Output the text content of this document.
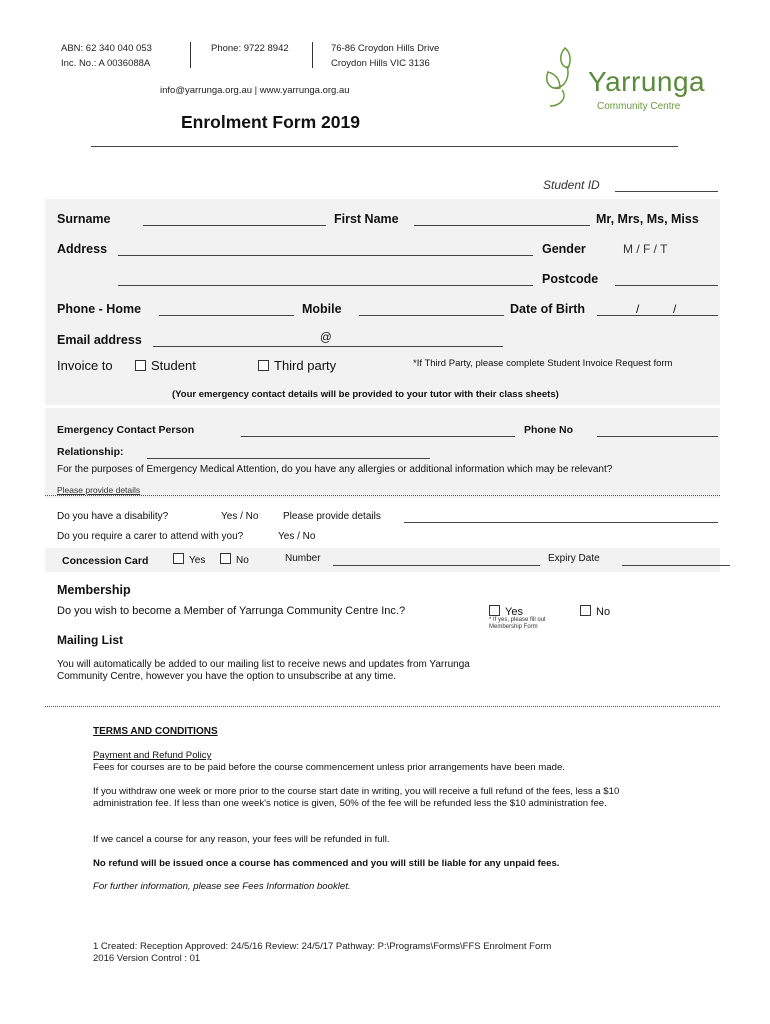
ABN: 62 340 040 053
Inc. No.: A 0036088A
Phone: 9722 8942	76-86 Croydon Hills Drive
Croydon Hills VIC 3136
info@yarrunga.org.au | www.yarrunga.org.au	Yarrunga
Community Centre
Enrolment Form 2019
Student ID
Surname	First Name	Mr, Mrs, Ms, Miss
Address	Gender	M / F / T
Postcode
Phone - Home	Mobile	Date of Birth	/	/
Email address	@
Invoice to	Student	Third party	*If Third Party, please complete Student Invoice Request form
(Your emergency contact details will be provided to your tutor with their class sheets)
Emergency Contact Person	Phone No
Relationship:
For the purposes of Emergency Medical Attention, do you have any allergies or additional information which may be relevant?
Please provide details
Do you have a disability?	Yes / No Please provide details
Do you require a carer to attend with you?	Yes / No
Concession Card	Yes	No	Number	Expiry Date
Membership
Do you wish to become a Member of Yarrunga Community Centre Inc.?	Yes	No
* If yes, please fill out Membership Form
Mailing List
You will automatically be added to our mailing list to receive news and updates from Yarrunga Community Centre, however you have the option to unsubscribe at any time.
TERMS AND CONDITIONS
Payment and Refund Policy
Fees for courses are to be paid before the course commencement unless prior arrangements have been made.
If you withdraw one week or more prior to the course start date in writing, you will receive a full refund of the fees, less a $10 administration fee. If less than one week's notice is given, 50% of the fee will be refunded less the $10 administration fee.
If we cancel a course for any reason, your fees will be refunded in full.
No refund will be issued once a course has commenced and you will still be liable for any unpaid fees.
For further information, please see Fees Information booklet.
1 Created: Reception Approved: 24/5/16 Review: 24/5/17 Pathway: P:\Programs\Forms\FFS Enrolment Form
2016 Version Control : 01
